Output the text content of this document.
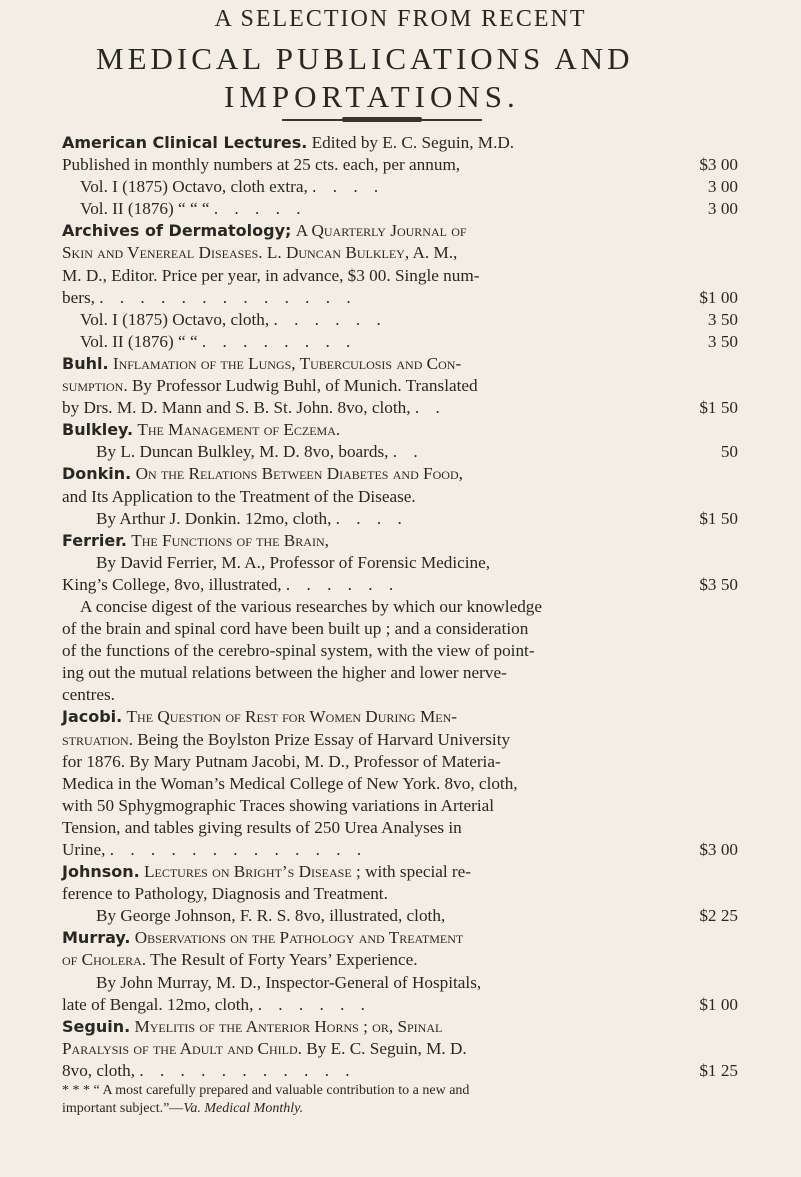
A SELECTION FROM RECENT
MEDICAL PUBLICATIONS AND
IMPORTATIONS.
American Clinical Lectures. Edited by E. C. Seguin, M.D.
Published in monthly numbers at 25 cts. each, per annum,	$3 00
Vol. I (1875) Octavo, cloth extra, . . . .	3 00
Vol. II (1876) “ “ “ . . . . .	3 00
Archives of Dermatology; A Quarterly Journal of
Skin and Venereal Diseases. L. Duncan Bulkley, A. M.,
M. D., Editor. Price per year, in advance, $3 00. Single num-
bers, . . . . . . . . . . . . .	$1 00
Vol. I (1875) Octavo, cloth, . . . . . .	3 50
Vol. II (1876) “ “ . . . . . . . .	3 50
Buhl. Inflamation of the Lungs, Tuberculosis and Con-
sumption. By Professor Ludwig Buhl, of Munich. Translated
by Drs. M. D. Mann and S. B. St. John. 8vo, cloth, . .	$1 50
Bulkley. The Management of Eczema.
By L. Duncan Bulkley, M. D. 8vo, boards, . .	50
Donkin. On the Relations Between Diabetes and Food,
and Its Application to the Treatment of the Disease.
By Arthur J. Donkin. 12mo, cloth, . . . .	$1 50
Ferrier. The Functions of the Brain,
By David Ferrier, M. A., Professor of Forensic Medicine,
King’s College, 8vo, illustrated, . . . . . .	$3 50
A concise digest of the various researches by which our knowledge
of the brain and spinal cord have been built up ; and a consideration
of the functions of the cerebro-spinal system, with the view of point-
ing out the mutual relations between the higher and lower nerve-
centres.
Jacobi. The Question of Rest for Women During Men-
struation. Being the Boylston Prize Essay of Harvard University
for 1876. By Mary Putnam Jacobi, M. D., Professor of Materia-
Medica in the Woman’s Medical College of New York. 8vo, cloth,
with 50 Sphygmographic Traces showing variations in Arterial
Tension, and tables giving results of 250 Urea Analyses in
Urine, . . . . . . . . . . . . .	$3 00
Johnson. Lectures on Bright’s Disease ; with special re-
ference to Pathology, Diagnosis and Treatment.
By George Johnson, F. R. S. 8vo, illustrated, cloth,	$2 25
Murray. Observations on the Pathology and Treatment
of Cholera. The Result of Forty Years’ Experience.
By John Murray, M. D., Inspector-General of Hospitals,
late of Bengal. 12mo, cloth, . . . . . .	$1 00
Seguin. Myelitis of the Anterior Horns ; or, Spinal
Paralysis of the Adult and Child. By E. C. Seguin, M. D.
8vo, cloth, . . . . . . . . . . .	$1 25
* * * “ A most carefully prepared and valuable contribution to a new and
important subject.”—Va. Medical Monthly.
